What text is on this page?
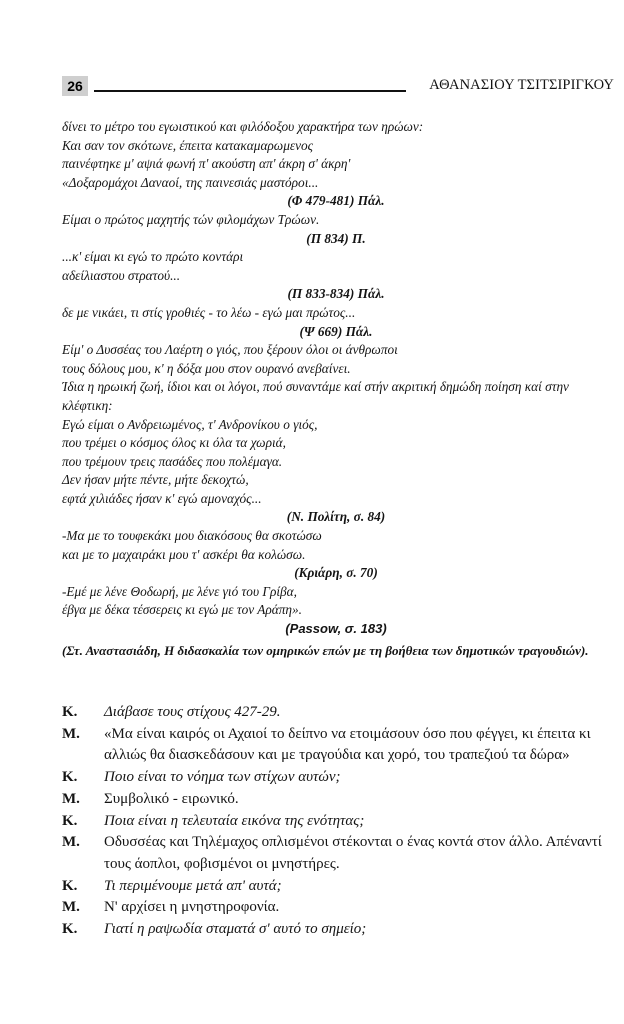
26	ΑΘΑΝΑΣΙΟΥ ΤΣΙΤΣΙΡΙΓΚΟΥ
δίνει το μέτρο του εγωιστικού και φιλόδοξου χαρακτήρα των ηρώων:
Και σαν τον σκότωνε, έπειτα κατακαμαρωμενος
παινέφτηκε μ' αψιά φωνή π' ακούστη απ' άκρη σ' άκρη'
«Δοξαρομάχοι Δαναοί, της παινεσιάς μαστόροι...
(Φ 479-481) Πάλ.
Είμαι ο πρώτος μαχητής τών φιλομάχων Τρώων.
(Π 834) Π.
...κ' είμαι κι εγώ το πρώτο κοντάρι
αδείλιαστου στρατού...
(Π 833-834) Πάλ.
δε με νικάει, τι στίς γροθιές - το λέω - εγώ μαι πρώτος...
(Ψ 669) Πάλ.
Είμ' ο Δυσσέας του Λαέρτη ο γιός, που ξέρουν όλοι οι άνθρωποι
τους δόλους μου, κ' η δόξα μου στον ουρανό ανεβαίνει.
Ίδια η ηρωική ζωή, ίδιοι και οι λόγοι, πού συναντάμε καί στήν ακριτική δημώδη ποίηση καί στην κλέφτικη:
Εγώ είμαι ο Ανδρειωμένος, τ' Ανδρονίκου ο γιός,
που τρέμει ο κόσμος όλος κι όλα τα χωριά,
που τρέμουν τρεις πασάδες που πολέμαγα.
Δεν ήσαν μήτε πέντε, μήτε δεκοχτώ,
εφτά χιλιάδες ήσαν κ' εγώ αμοναχός...
(Ν. Πολίτη, σ. 84)
-Μα με το τουφεκάκι μου διακόσους θα σκοτώσω
και με το μαχαιράκι μου τ' ασκέρι θα κολώσω.
(Κριάρη, σ. 70)
-Εμέ με λένε Θοδωρή, με λένε γιό του Γρίβα,
έβγα με δέκα τέσσερεις κι εγώ με τον Αράπη».
(Passow, σ. 183)
(Στ. Αναστασιάδη, Η διδασκαλία των ομηρικών επών με τη βοήθεια των δημοτικών τραγουδιών).
Κ.	Διάβασε τους στίχους 427-29.
Μ.	«Μα είναι καιρός οι Αχαιοί το δείπνο να ετοιμάσουν όσο που φέγγει, κι έπειτα κι αλλιώς θα διασκεδάσουν και με τραγούδια και χορό, του τραπεζιού τα δώρα»
Κ.	Ποιο είναι το νόημα των στίχων αυτών;
Μ.	Συμβολικό - ειρωνικό.
Κ.	Ποια είναι η τελευταία εικόνα της ενότητας;
Μ.	Οδυσσέας και Τηλέμαχος οπλισμένοι στέκονται ο ένας κοντά στον άλλο. Απέναντί τους άοπλοι, φοβισμένοι οι μνηστήρες.
Κ.	Τι περιμένουμε μετά απ' αυτά;
Μ.	Ν' αρχίσει η μνηστηροφονία.
Κ.	Γιατί η ραψωδία σταματά σ' αυτό το σημείο;
